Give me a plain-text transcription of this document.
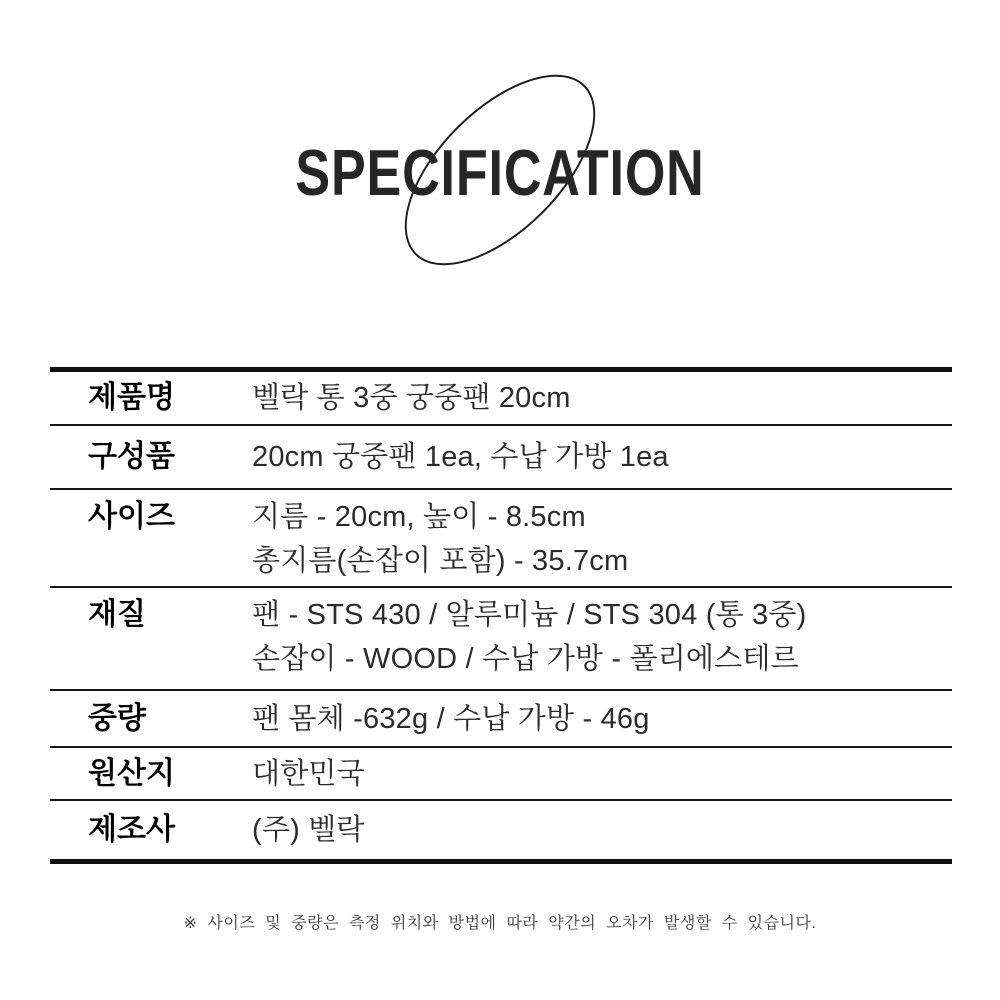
SPECIFICATION
제품명	벨락 통 3중 궁중팬 20cm
구성품	20cm 궁중팬 1ea, 수납 가방 1ea
사이즈	지름 - 20cm, 높이 - 8.5cm
총지름(손잡이 포함) - 35.7cm
재질	팬 - STS 430 / 알루미늄 / STS 304 (통 3중)
손잡이 - WOOD / 수납 가방 - 폴리에스테르
중량	팬 몸체 -632g / 수납 가방 - 46g
원산지	대한민국
제조사	(주) 벨락
※ 사이즈 및 중량은 측정 위치와 방법에 따라 약간의 오차가 발생할 수 있습니다.
